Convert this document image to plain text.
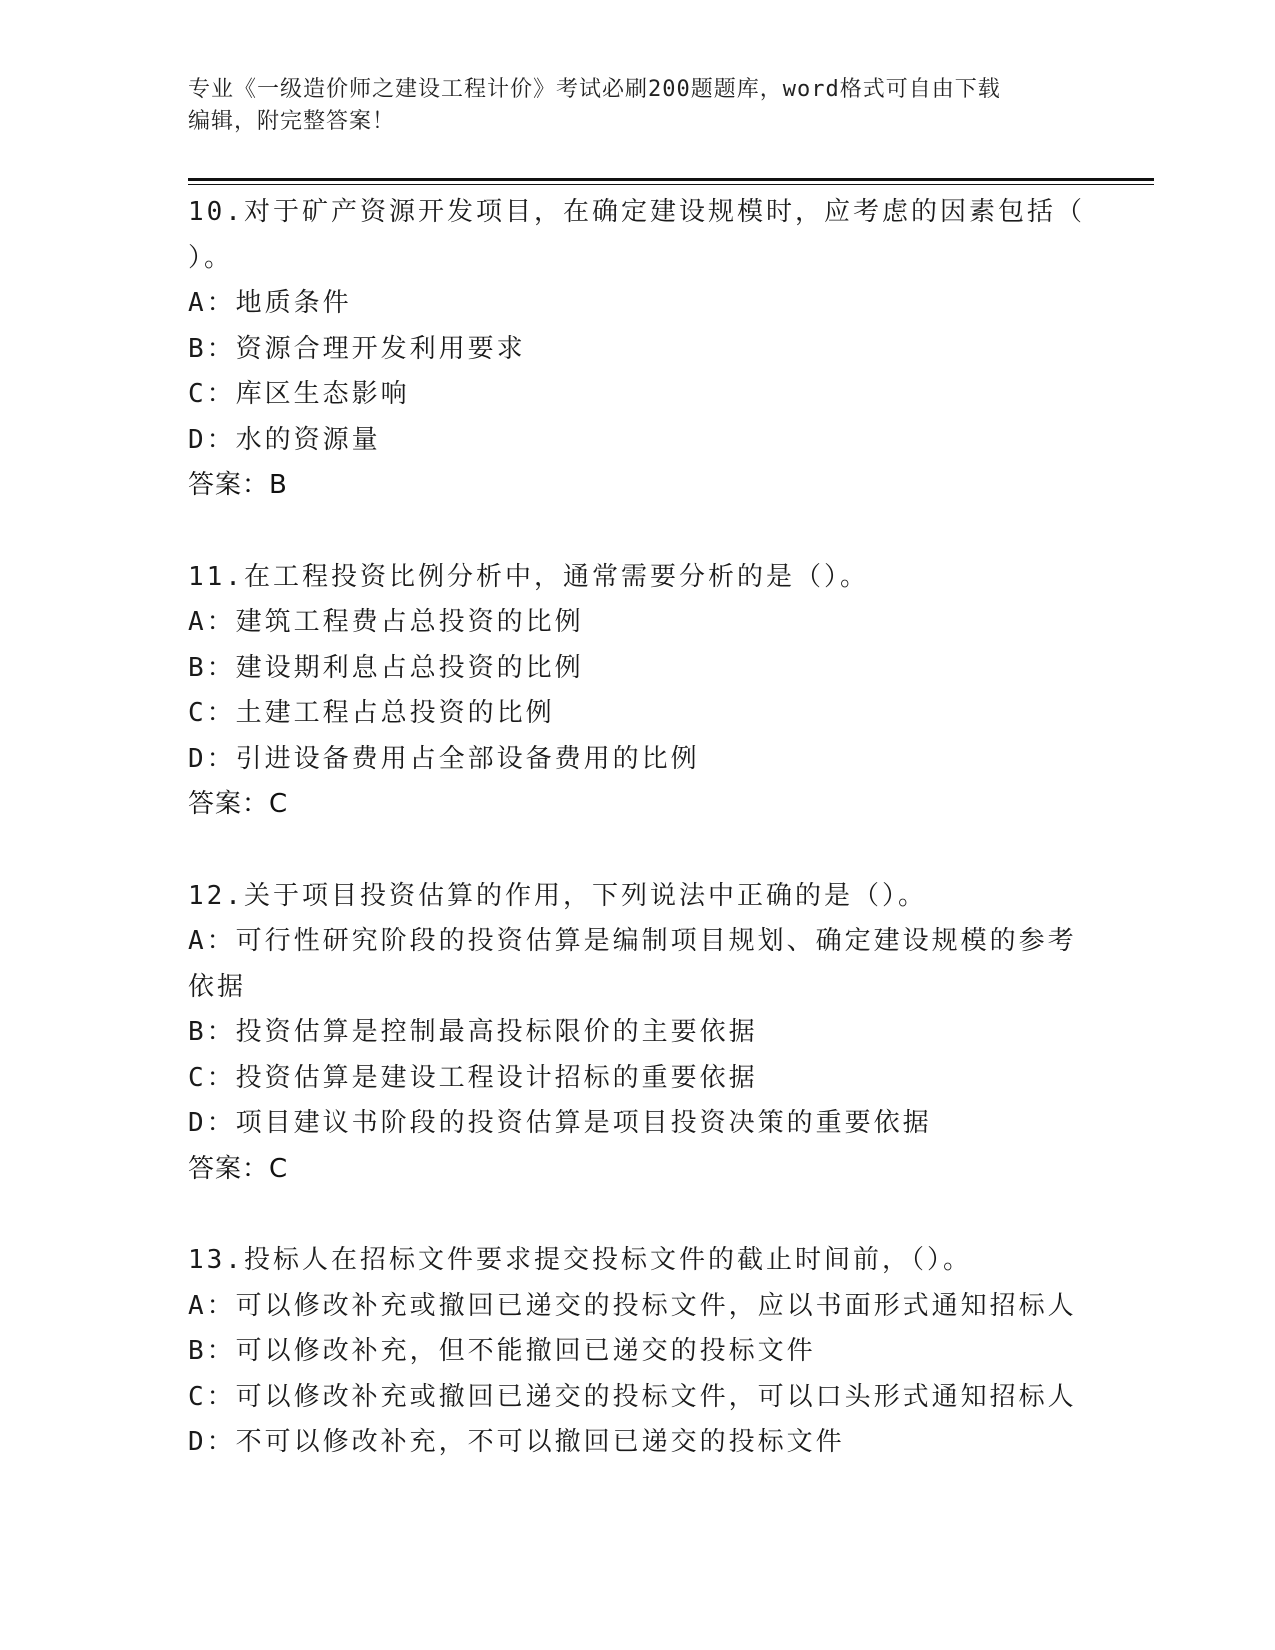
专业《一级造价师之建设工程计价》考试必刷200题题库，word格式可自由下载
编辑，附完整答案！
10.对于矿产资源开发项目，在确定建设规模时，应考虑的因素包括（
）。
A：地质条件
B：资源合理开发利用要求
C：库区生态影响
D：水的资源量
答案：B
11.在工程投资比例分析中，通常需要分析的是（）。
A：建筑工程费占总投资的比例
B：建设期利息占总投资的比例
C：土建工程占总投资的比例
D：引进设备费用占全部设备费用的比例
答案：C
12.关于项目投资估算的作用，下列说法中正确的是（）。
A：可行性研究阶段的投资估算是编制项目规划、确定建设规模的参考
依据
B：投资估算是控制最高投标限价的主要依据
C：投资估算是建设工程设计招标的重要依据
D：项目建议书阶段的投资估算是项目投资决策的重要依据
答案：C
13.投标人在招标文件要求提交投标文件的截止时间前，（）。
A：可以修改补充或撤回已递交的投标文件，应以书面形式通知招标人
B：可以修改补充，但不能撤回已递交的投标文件
C：可以修改补充或撤回已递交的投标文件，可以口头形式通知招标人
D：不可以修改补充，不可以撤回已递交的投标文件
